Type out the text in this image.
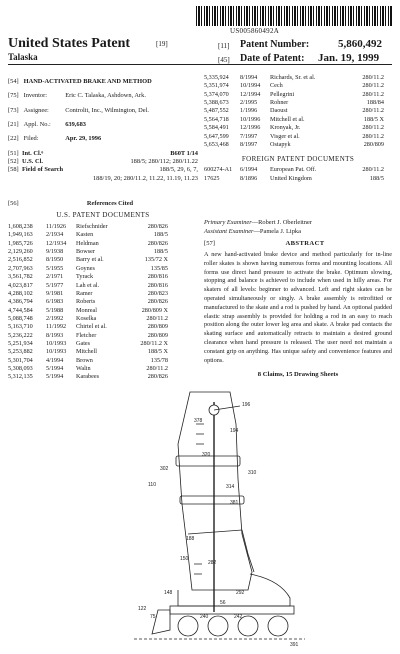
US005860492A
United States Patent	[19]
Talaska
[11] Patent Number:	5,860,492
[45] Date of Patent: Jan. 19, 1999
[54] HAND-ACTIVATED BRAKE AND METHOD
[75] Inventor:	Eric C. Talaska, Ashdown, Ark.
[73] Assignee:	Controlit, Inc., Wilmington, Del.
[21] Appl. No.: 639,683
[22] Filed:	Apr. 29, 1996
[51] Int. Cl.⁶	B60T 1/14
[52] U.S. Cl.	188/5; 280/112; 280/11.22
[58] Field of Search	188/5, 29, 6, 7,
188/19, 20; 280/11.2, 11.22, 11.19, 11.23
[56]	References Cited
U.S. PATENT DOCUMENTS
1,608,238	11/1926	Riefschnider	280/826
1,949,163	2/1934	Kasten	188/5
1,985,726	12/1934	Heldman	280/826
2,129,260	9/1938	Bowser	188/5
2,516,852	8/1950	Barry et al.	135/72 X
2,707,963	5/1955	Goynes	135/85
3,561,782	2/1971	Tyrack	280/816
4,023,817	5/1977	Lah et al.	280/816
4,288,102	9/1981	Ramer	280/823
4,386,794	6/1983	Roberts	280/826
4,744,584	5/1988	Monreal	280/809 X
5,088,748	2/1992	Koselka	280/11.2
5,163,710	11/1992	Chirtel et al.	280/809
5,236,222	8/1993	Fletcher	280/809
5,251,934	10/1993	Gates	280/11.2 X
5,253,882	10/1993	Mitchell	188/5 X
5,301,704	4/1994	Brown	135/78
5,308,093	5/1994	Walin	280/11.2
5,312,135	5/1994	Karabees	280/826
5,335,924	8/1994	Richards, Sr. et al.	280/11.2
5,351,974	10/1994	Cech	280/11.2
5,374,070	12/1994	Pellegrini	280/11.2
5,388,673	2/1995	Rohner	188/84
5,487,552	1/1996	Daoust	280/11.2
5,564,718	10/1996	Mitchell et al.	188/5 X
5,584,491	12/1996	Kronyak, Jr.	280/11.2
5,647,599	7/1997	Visger et al.	280/11.2
5,653,468	8/1997	Ostapyk	280/809
FOREIGN PATENT DOCUMENTS
600274-A1	6/1994	European Pat. Off.	280/11.2
17625	8/1896	United Kingdom	188/5
Primary Examiner—Robert J. Oberleitner
Assistant Examiner—Pamela J. Lipka
[57]	ABSTRACT
A new hand-activated brake device and method particularly for in-line roller skates is shown having numerous forms and mounting locations. All forms use direct hand pressure to activate the brake. Optimum slowing, stopping and balance is achieved to include when used in hilly areas. For skaters of all levels: beginner to advanced. Left and right skates can be operated simultaneously or singly. A brake assembly is retrofitted or manufactured to the skate and a rod is pushed by hand. An optional padded elastic strap assembly is provided for holding a rod in an easy to reach position along the outer lower leg area and skate. A brake pad contacts the skating surface and automatically retracts to maintain a desired ground clearance when hand pressure is released. The user need not maintain a constant grip on anything. Has unique safety and convenience features and options.
8 Claims, 15 Drawing Sheets
196
378
194
320
302
310
110	314
381
188
150
282
148	292
122
75
56
240	242
391
